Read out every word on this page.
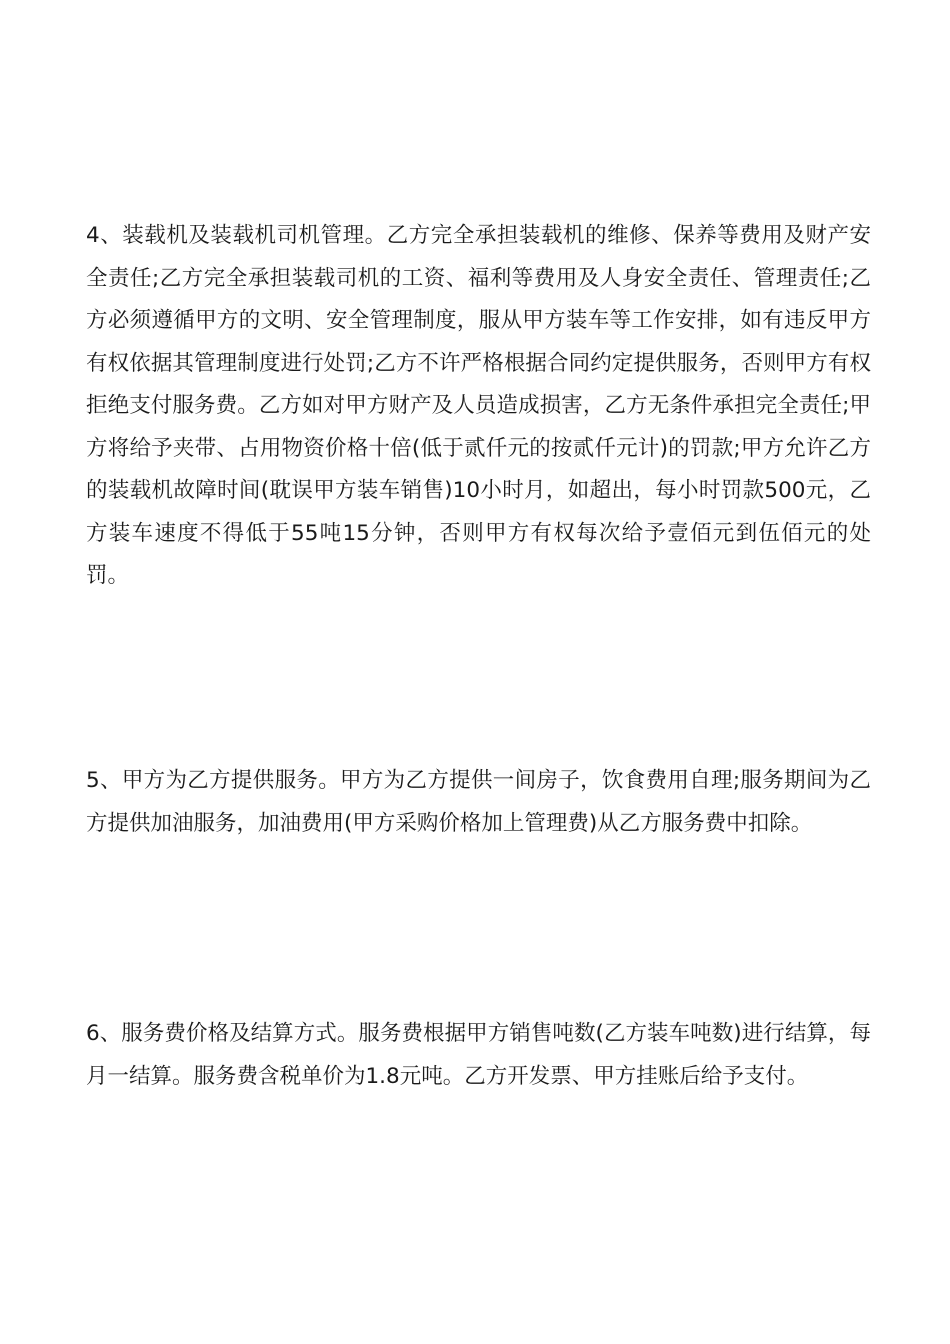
4、装载机及装载机司机管理。乙方完全承担装载机的维修、保养等费用及财产安全责任;乙方完全承担装载司机的工资、福利等费用及人身安全责任、管理责任;乙方必须遵循甲方的文明、安全管理制度，服从甲方装车等工作安排，如有违反甲方有权依据其管理制度进行处罚;乙方不许严格根据合同约定提供服务，否则甲方有权拒绝支付服务费。乙方如对甲方财产及人员造成损害，乙方无条件承担完全责任;甲方将给予夹带、占用物资价格十倍(低于贰仟元的按贰仟元计)的罚款;甲方允许乙方的装载机故障时间(耽误甲方装车销售)10小时月，如超出，每小时罚款500元，乙方装车速度不得低于55吨15分钟，否则甲方有权每次给予壹佰元到伍佰元的处罚。

5、甲方为乙方提供服务。甲方为乙方提供一间房子，饮食费用自理;服务期间为乙方提供加油服务，加油费用(甲方采购价格加上管理费)从乙方服务费中扣除。

6、服务费价格及结算方式。服务费根据甲方销售吨数(乙方装车吨数)进行结算，每月一结算。服务费含税单价为1.8元吨。乙方开发票、甲方挂账后给予支付。
